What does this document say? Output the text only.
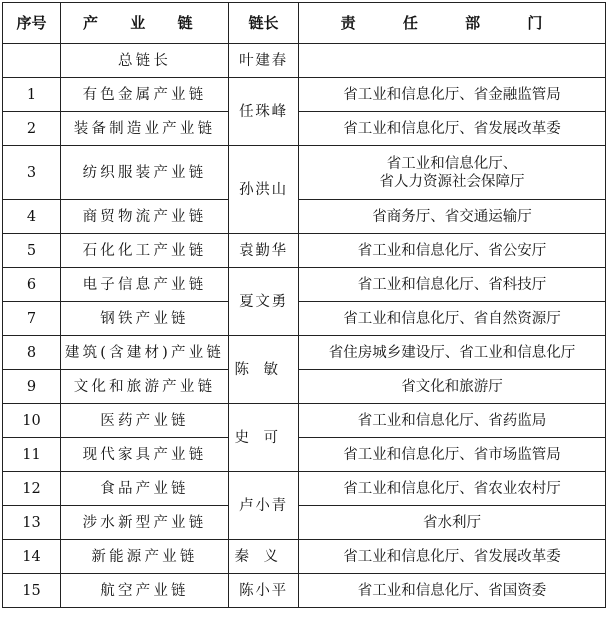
序号	产 业 链	链长	责 任 部 门
	总链长	叶建春	
1	有色金属产业链	任珠峰	省工业和信息化厅、省金融监管局

2	装备制造业产业链		省工业和信息化厅、省发展改革委

3	纺织服装产业链	孙洪山	省工业和信息化厅、
省人力资源社会保障厅

4	商贸物流产业链		省商务厅、省交通运输厅

5	石化化工产业链	袁勤华	省工业和信息化厅、省公安厅

6	电子信息产业链	夏文勇	省工业和信息化厅、省科技厅

7	钢铁产业链		省工业和信息化厅、省自然资源厅

8	建筑(含建材)产业链	陈敏	省住房城乡建设厅、省工业和信息化厅

9	文化和旅游产业链		省文化和旅游厅

10	医药产业链	史可	省工业和信息化厅、省药监局

11	现代家具产业链		省工业和信息化厅、省市场监管局

12	食品产业链	卢小青	省工业和信息化厅、省农业农村厅

13	涉水新型产业链		省水利厅

14	新能源产业链	秦义	省工业和信息化厅、省发展改革委

15	航空产业链	陈小平	省工业和信息化厅、省国资委
